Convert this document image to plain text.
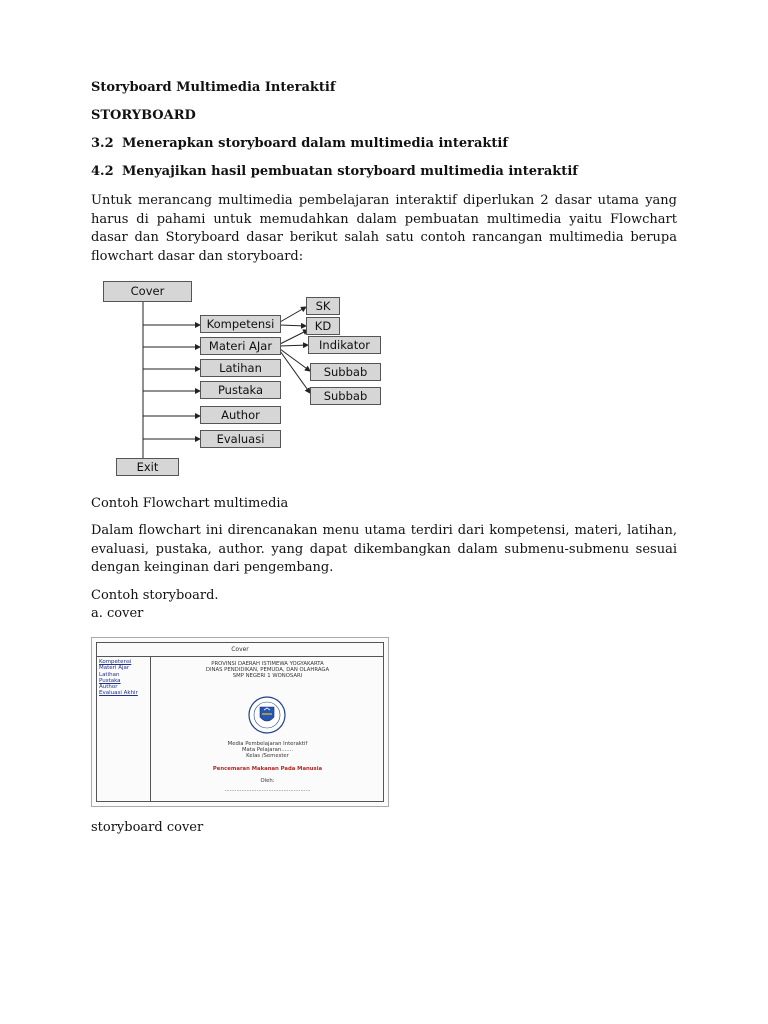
Storyboard Multimedia Interaktif
STORYBOARD
3.2 Menerapkan storyboard dalam multimedia interaktif
4.2 Menyajikan hasil pembuatan storyboard multimedia interaktif
Untuk merancang multimedia pembelajaran interaktif diperlukan 2 dasar utama yang harus di pahami untuk memudahkan dalam pembuatan multimedia yaitu Flowchart dasar dan Storyboard dasar berikut salah satu contoh rancangan multimedia berupa flowchart dasar dan storyboard:
Contoh Flowchart multimedia
Dalam flowchart ini direncanakan menu utama terdiri dari kompetensi, materi, latihan, evaluasi, pustaka, author. yang dapat dikembangkan dalam submenu-submenu sesuai dengan keinginan dari pengembang.
Contoh storyboard.
a. cover
storyboard cover
Cover
Kompetensi
Materi AJar
Latihan
Pustaka
Author
Evaluasi
SK
KD
Indikator
Subbab
Subbab
Exit
Cover
Kompetensi
Materi Ajar
Latihan
Pustaka
Author
Evaluasi Akhir
PROVINSI DAERAH ISTIMEWA YOGYAKARTA
DINAS PENDIDIKAN, PEMUDA, DAN OLAHRAGA
SMP NEGERI 1 WONOSARI
Media Pembelajaran Interaktif
Mata Pelajaran.......
Kelas /Semester
Pencemaran Makanan Pada Manusia
Oleh:
...................................................
